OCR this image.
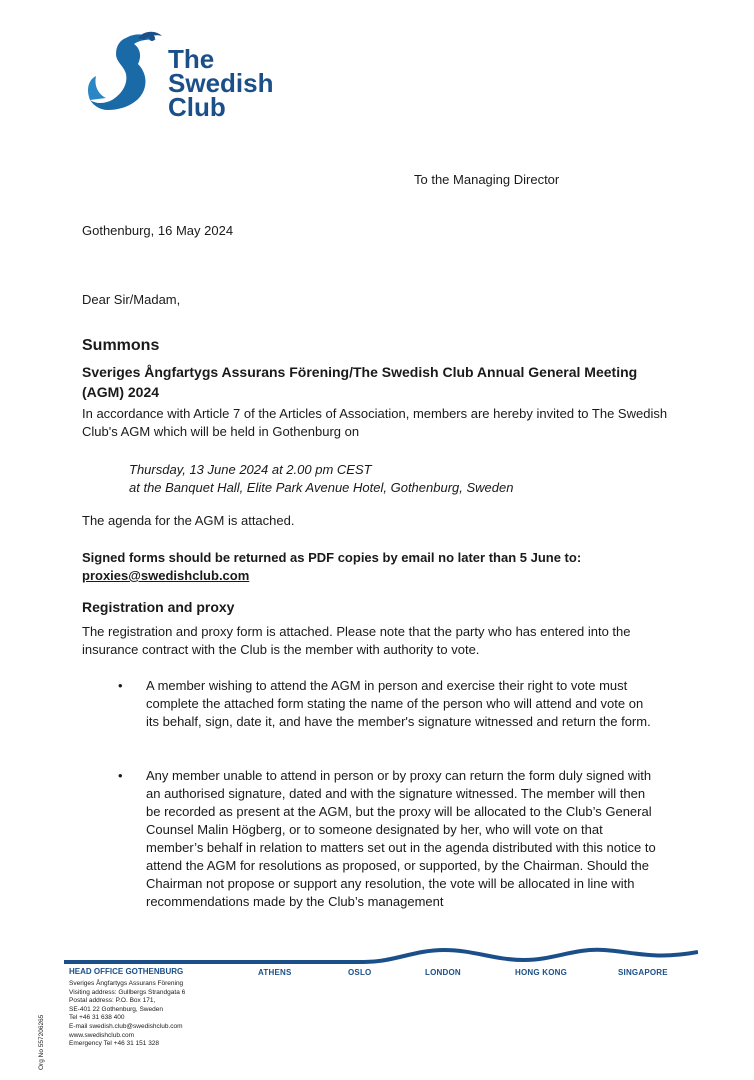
The
Swedish
Club
To the Managing Director
Gothenburg, 16 May 2024
Dear Sir/Madam,
Summons
Sveriges Ångfartygs Assurans Förening/The Swedish Club Annual General Meeting (AGM) 2024
In accordance with Article 7 of the Articles of Association, members are hereby invited to The Swedish Club's AGM which will be held in Gothenburg on
Thursday, 13 June 2024 at 2.00 pm CEST
at the Banquet Hall, Elite Park Avenue Hotel, Gothenburg, Sweden
The agenda for the AGM is attached.
Signed forms should be returned as PDF copies by email no later than 5 June to:
proxies@swedishclub.com
Registration and proxy
The registration and proxy form is attached. Please note that the party who has entered into the insurance contract with the Club is the member with authority to vote.
• A member wishing to attend the AGM in person and exercise their right to vote must complete the attached form stating the name of the person who will attend and vote on its behalf, sign, date it, and have the member's signature witnessed and return the form.
• Any member unable to attend in person or by proxy can return the form duly signed with an authorised signature, dated and with the signature witnessed. The member will then be recorded as present at the AGM, but the proxy will be allocated to the Club’s General Counsel Malin Högberg, or to someone designated by her, who will vote on that member’s behalf in relation to matters set out in the agenda distributed with this notice to attend the AGM for resolutions as proposed, or supported, by the Chairman. Should the Chairman not propose or support any resolution, the vote will be allocated in line with recommendations made by the Club’s management
HEAD OFFICE GOTHENBURG
Sveriges Ångfartygs Assurans Förening
Visiting address: Gullbergs Strandgata 6
Postal address: P.O. Box 171,
SE-401 22 Gothenburg, Sweden
Tel +46 31 638 400
E-mail swedish.club@swedishclub.com
www.swedishclub.com
Emergency Tel +46 31 151 328
ATHENS	OSLO	LONDON	HONG KONG	SINGAPORE
Org No 557206265
